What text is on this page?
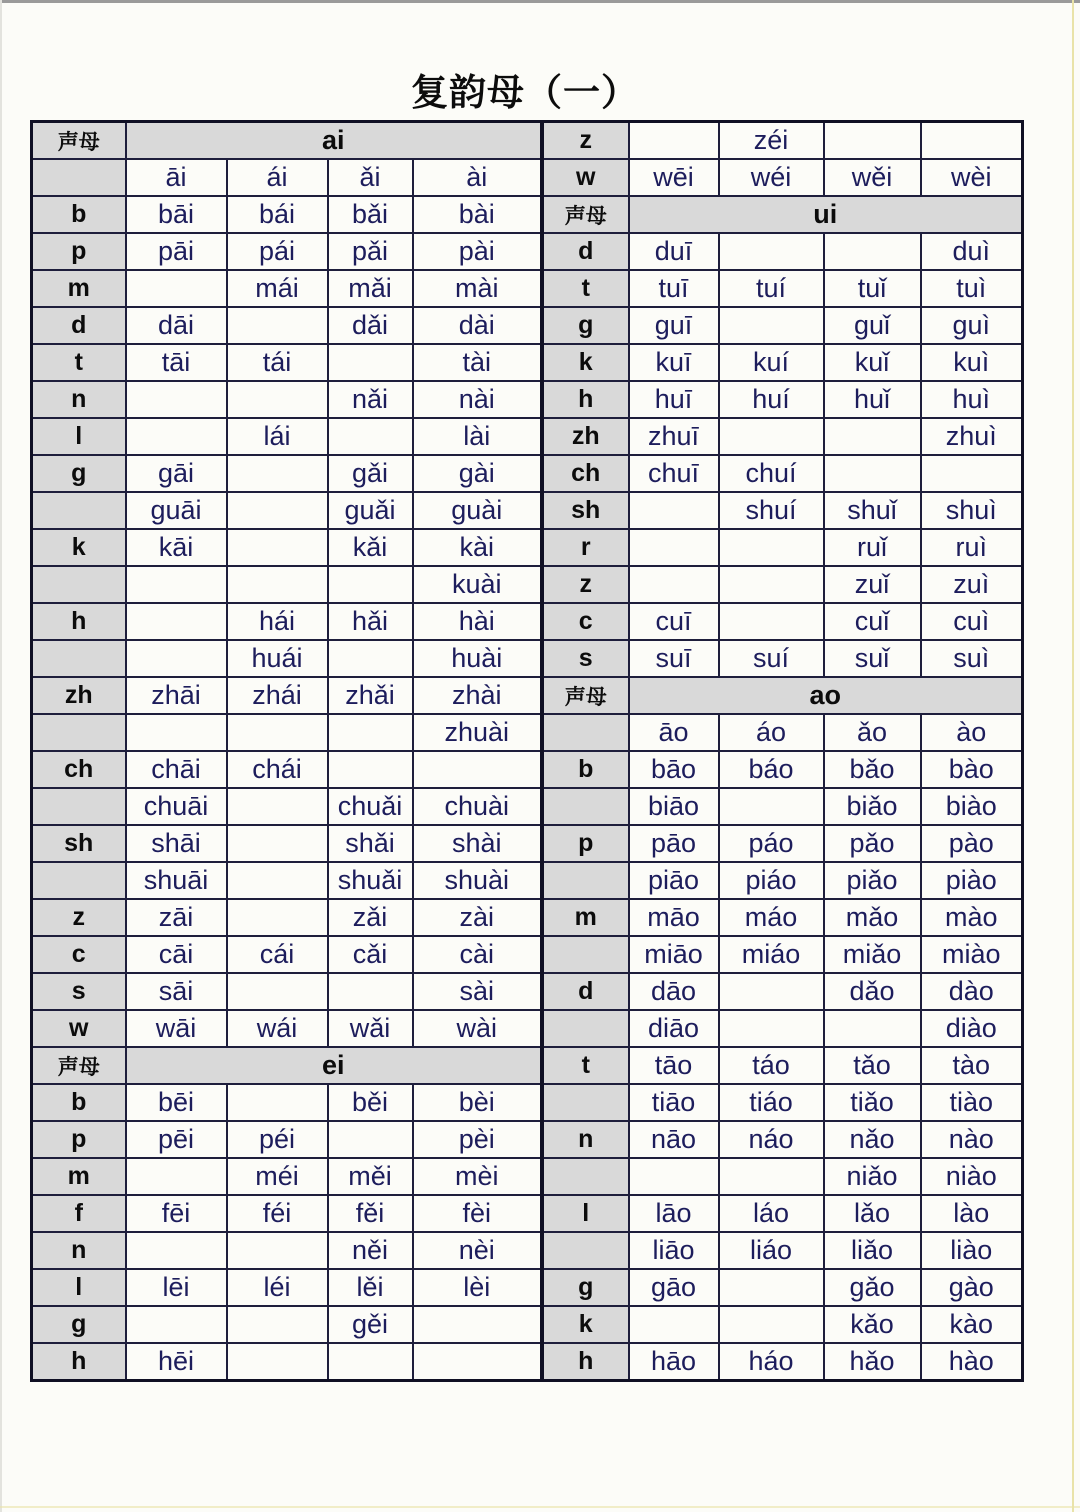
复韵母（一）
声母	ai			
	āi	ái	ǎi	ài
b	bāi	bái	bǎi	bài
p	pāi	pái	pǎi	pài
m		mái	mǎi	mài
d	dāi		dǎi	dài
t	tāi	tái		tài
n			nǎi	nài
l		lái		lài
g	gāi		gǎi	gài
	guāi		guǎi	guài
k	kāi		kǎi	kài
				kuài
h		hái	hǎi	hài
		huái		huài
zh	zhāi	zhái	zhǎi	zhài
				zhuài
ch	chāi	chái		
	chuāi		chuǎi	chuài
sh	shāi		shǎi	shài
	shuāi		shuǎi	shuài
z	zāi		zǎi	zài
c	cāi	cái	cǎi	cài
s	sāi			sài
w	wāi	wái	wǎi	wài
声母	ei			
b	bēi		běi	bèi
p	pēi	péi		pèi
m		méi	měi	mèi
f	fēi	féi	fěi	fèi
n			něi	nèi
l	lēi	léi	lěi	lèi
g			gěi	
h	hēi			
z		zéi		
w	wēi	wéi	wěi	wèi
声母	ui			
d	duī			duì
t	tuī	tuí	tuǐ	tuì
g	guī		guǐ	guì
k	kuī	kuí	kuǐ	kuì
h	huī	huí	huǐ	huì
zh	zhuī			zhuì
ch	chuī	chuí		
sh		shuí	shuǐ	shuì
r			ruǐ	ruì
z			zuǐ	zuì
c	cuī		cuǐ	cuì
s	suī	suí	suǐ	suì
声母	ao			
	āo	áo	ǎo	ào
b	bāo	báo	bǎo	bào
	biāo		biǎo	biào
p	pāo	páo	pǎo	pào
	piāo	piáo	piǎo	piào
m	māo	máo	mǎo	mào
	miāo	miáo	miǎo	miào
d	dāo		dǎo	dào
	diāo			diào
t	tāo	táo	tǎo	tào
	tiāo	tiáo	tiǎo	tiào
n	nāo	náo	nǎo	nào
			niǎo	niào
l	lāo	láo	lǎo	lào
	liāo	liáo	liǎo	liào
g	gāo		gǎo	gào
k			kǎo	kào
h	hāo	háo	hǎo	hào
